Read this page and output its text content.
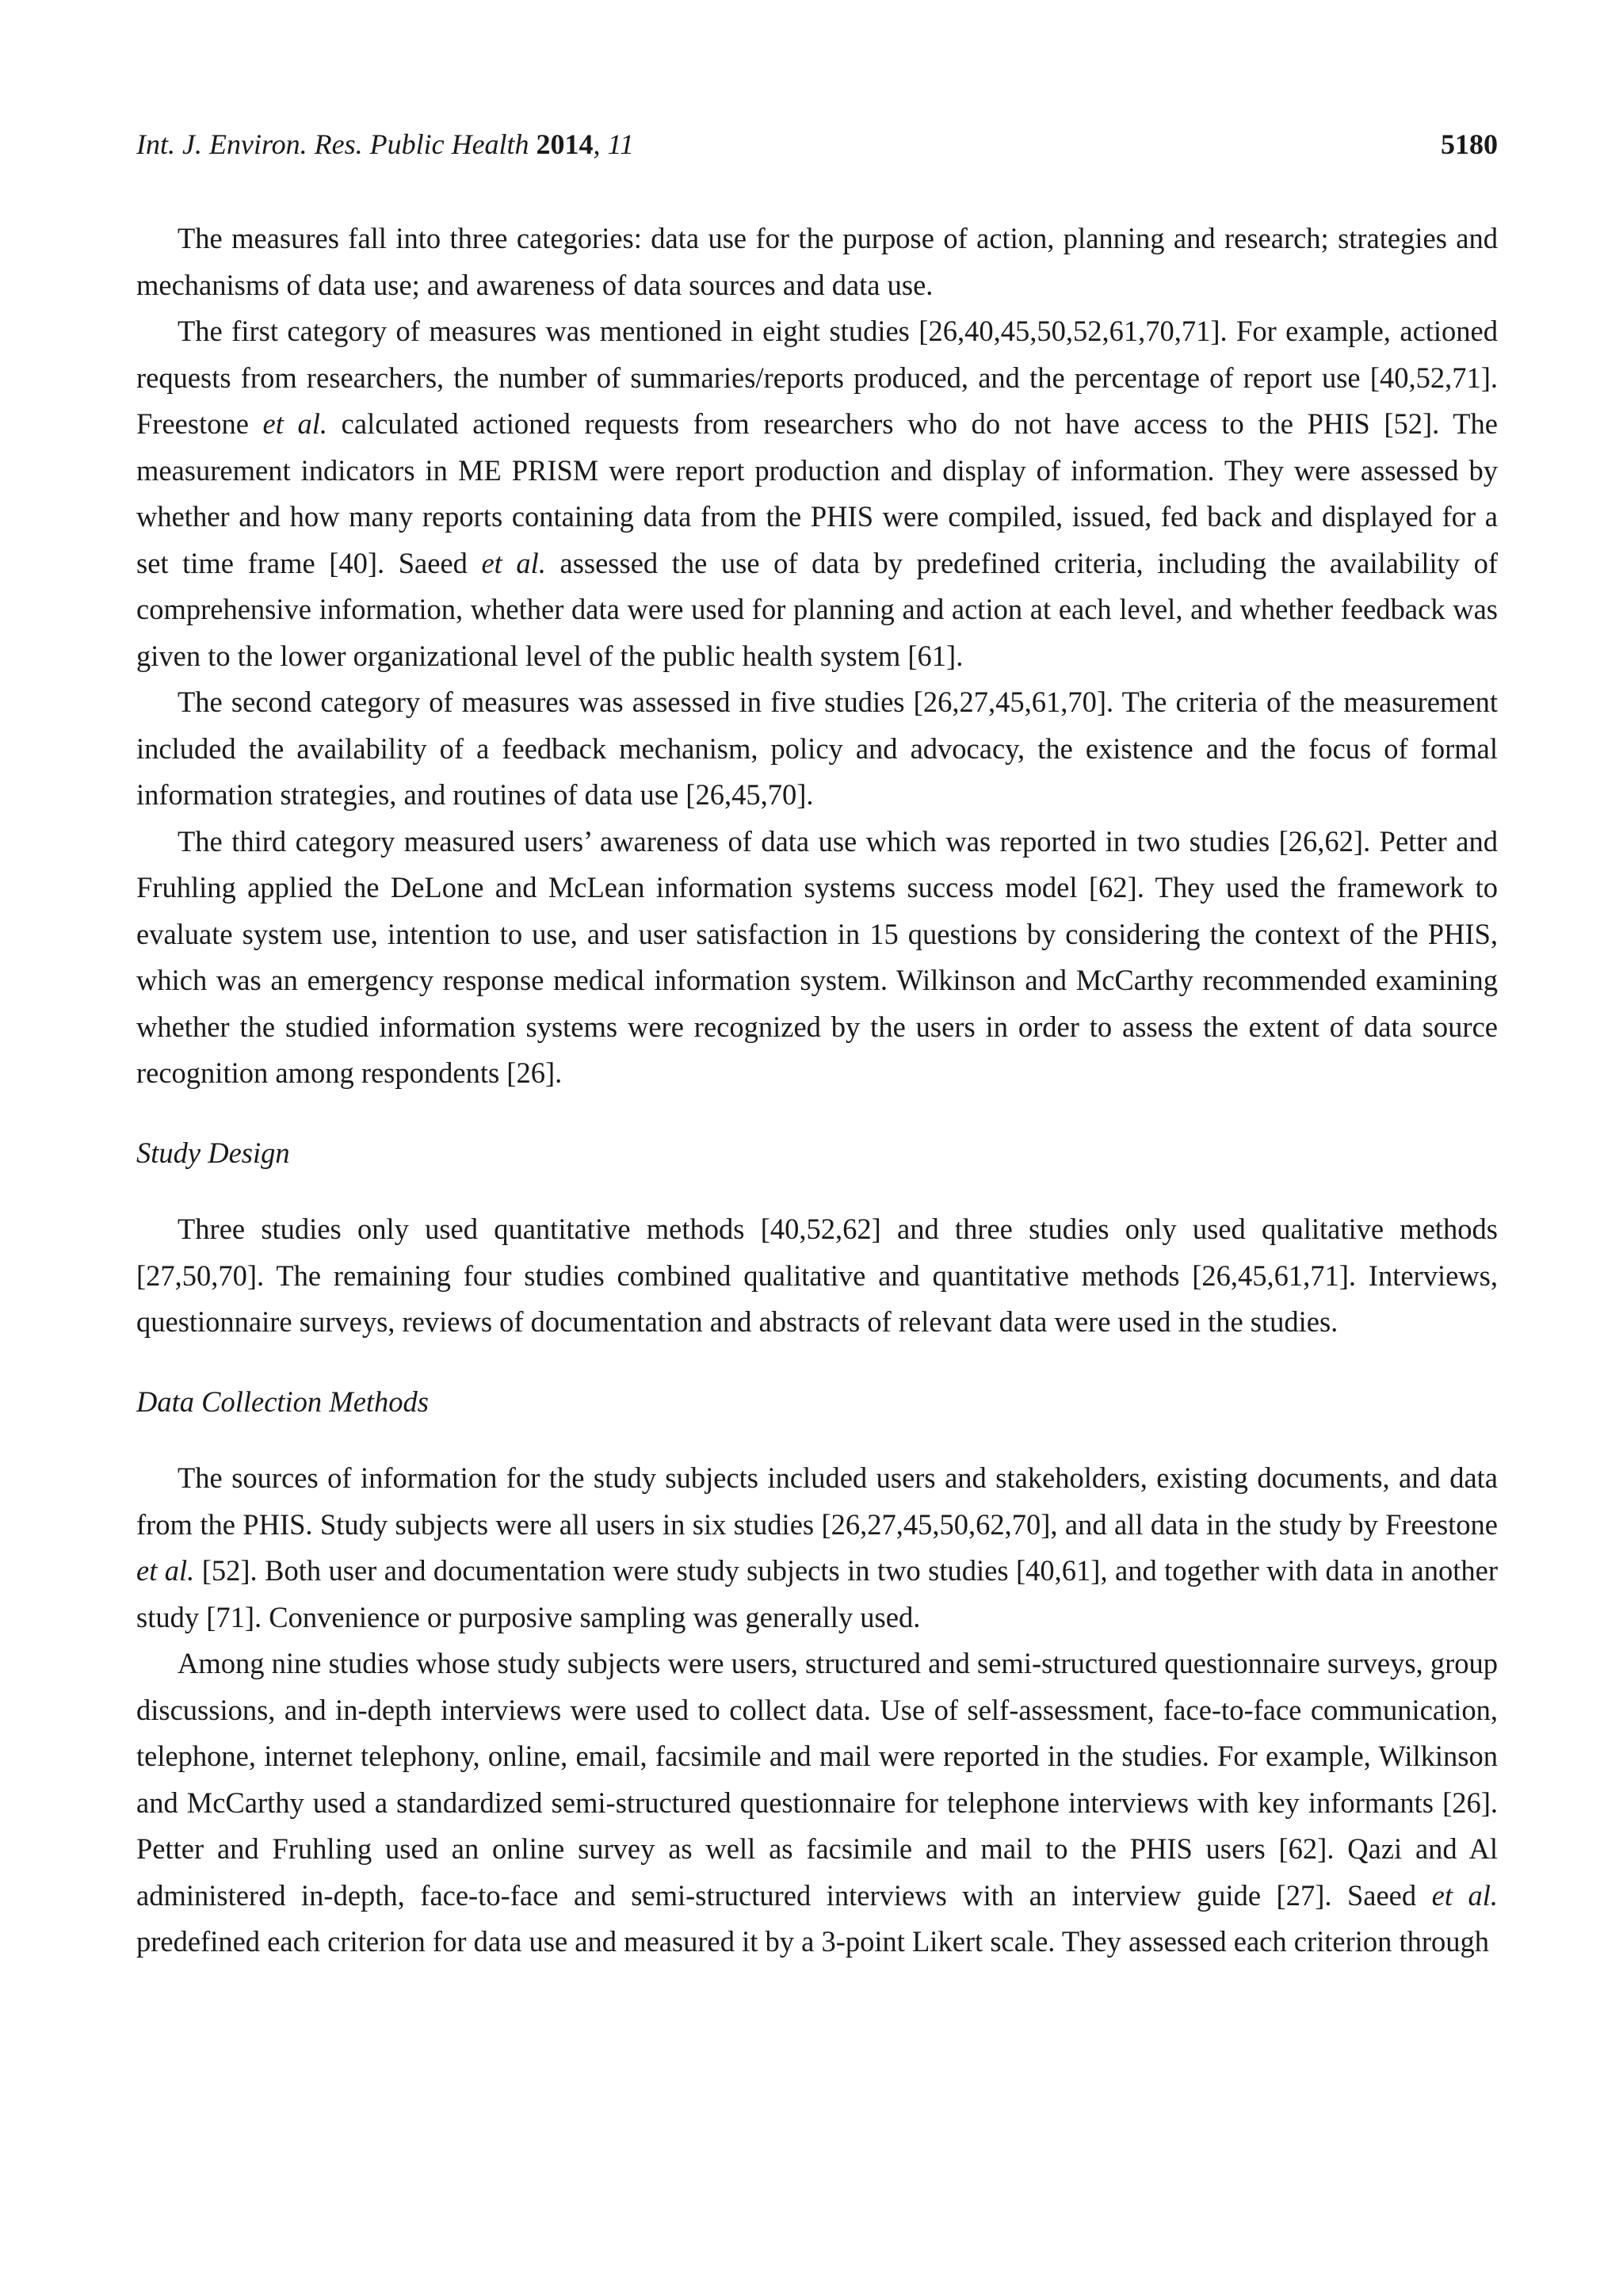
Int. J. Environ. Res. Public Health 2014, 11	5180

The measures fall into three categories: data use for the purpose of action, planning and research; strategies and mechanisms of data use; and awareness of data sources and data use.

The first category of measures was mentioned in eight studies [26,40,45,50,52,61,70,71]. For example, actioned requests from researchers, the number of summaries/reports produced, and the percentage of report use [40,52,71]. Freestone et al. calculated actioned requests from researchers who do not have access to the PHIS [52]. The measurement indicators in ME PRISM were report production and display of information. They were assessed by whether and how many reports containing data from the PHIS were compiled, issued, fed back and displayed for a set time frame [40]. Saeed et al. assessed the use of data by predefined criteria, including the availability of comprehensive information, whether data were used for planning and action at each level, and whether feedback was given to the lower organizational level of the public health system [61].

The second category of measures was assessed in five studies [26,27,45,61,70]. The criteria of the measurement included the availability of a feedback mechanism, policy and advocacy, the existence and the focus of formal information strategies, and routines of data use [26,45,70].

The third category measured users’ awareness of data use which was reported in two studies [26,62]. Petter and Fruhling applied the DeLone and McLean information systems success model [62]. They used the framework to evaluate system use, intention to use, and user satisfaction in 15 questions by considering the context of the PHIS, which was an emergency response medical information system. Wilkinson and McCarthy recommended examining whether the studied information systems were recognized by the users in order to assess the extent of data source recognition among respondents [26].

Study Design

Three studies only used quantitative methods [40,52,62] and three studies only used qualitative methods [27,50,70]. The remaining four studies combined qualitative and quantitative methods [26,45,61,71]. Interviews, questionnaire surveys, reviews of documentation and abstracts of relevant data were used in the studies.

Data Collection Methods

The sources of information for the study subjects included users and stakeholders, existing documents, and data from the PHIS. Study subjects were all users in six studies [26,27,45,50,62,70], and all data in the study by Freestone et al. [52]. Both user and documentation were study subjects in two studies [40,61], and together with data in another study [71]. Convenience or purposive sampling was generally used.

Among nine studies whose study subjects were users, structured and semi-structured questionnaire surveys, group discussions, and in-depth interviews were used to collect data. Use of self-assessment, face-to-face communication, telephone, internet telephony, online, email, facsimile and mail were reported in the studies. For example, Wilkinson and McCarthy used a standardized semi-structured questionnaire for telephone interviews with key informants [26]. Petter and Fruhling used an online survey as well as facsimile and mail to the PHIS users [62]. Qazi and Al administered in-depth, face-to-face and semi-structured interviews with an interview guide [27]. Saeed et al. predefined each criterion for data use and measured it by a 3-point Likert scale. They assessed each criterion through
